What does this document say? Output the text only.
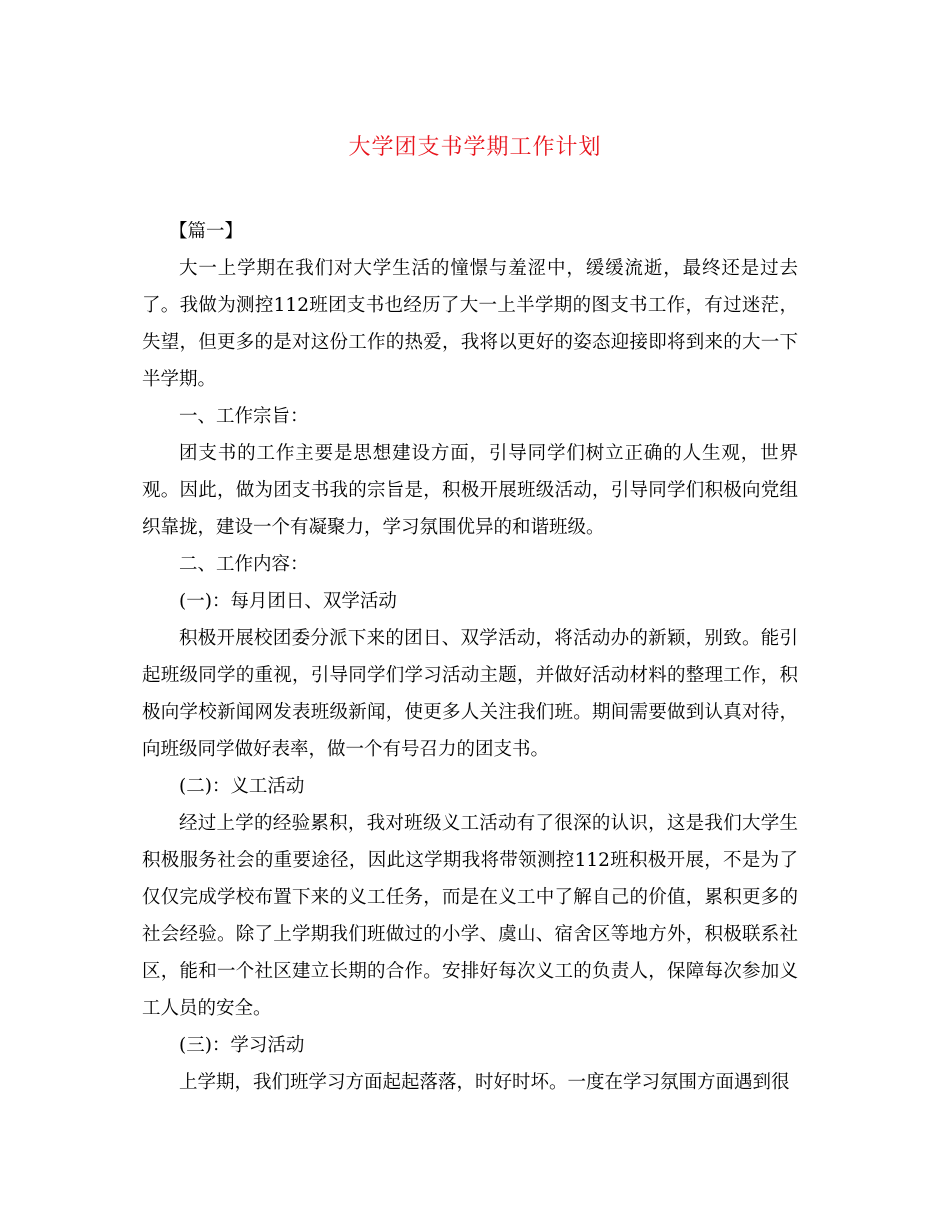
大学团支书学期工作计划

【篇一】

大一上学期在我们对大学生活的憧憬与羞涩中，缓缓流逝，最终还是过去了。我做为测控112班团支书也经历了大一上半学期的图支书工作，有过迷茫，失望，但更多的是对这份工作的热爱，我将以更好的姿态迎接即将到来的大一下半学期。

一、工作宗旨：

团支书的工作主要是思想建设方面，引导同学们树立正确的人生观，世界观。因此，做为团支书我的宗旨是，积极开展班级活动，引导同学们积极向党组织靠拢，建设一个有凝聚力，学习氛围优异的和谐班级。

二、工作内容：

(一)：每月团日、双学活动

积极开展校团委分派下来的团日、双学活动，将活动办的新颖，别致。能引起班级同学的重视，引导同学们学习活动主题，并做好活动材料的整理工作，积极向学校新闻网发表班级新闻，使更多人关注我们班。期间需要做到认真对待，向班级同学做好表率，做一个有号召力的团支书。

(二)：义工活动

经过上学的经验累积，我对班级义工活动有了很深的认识，这是我们大学生积极服务社会的重要途径，因此这学期我将带领测控112班积极开展，不是为了仅仅完成学校布置下来的义工任务，而是在义工中了解自己的价值，累积更多的社会经验。除了上学期我们班做过的小学、虞山、宿舍区等地方外，积极联系社区，能和一个社区建立长期的合作。安排好每次义工的负责人，保障每次参加义工人员的安全。

(三)：学习活动

上学期，我们班学习方面起起落落，时好时坏。一度在学习氛围方面遇到很
